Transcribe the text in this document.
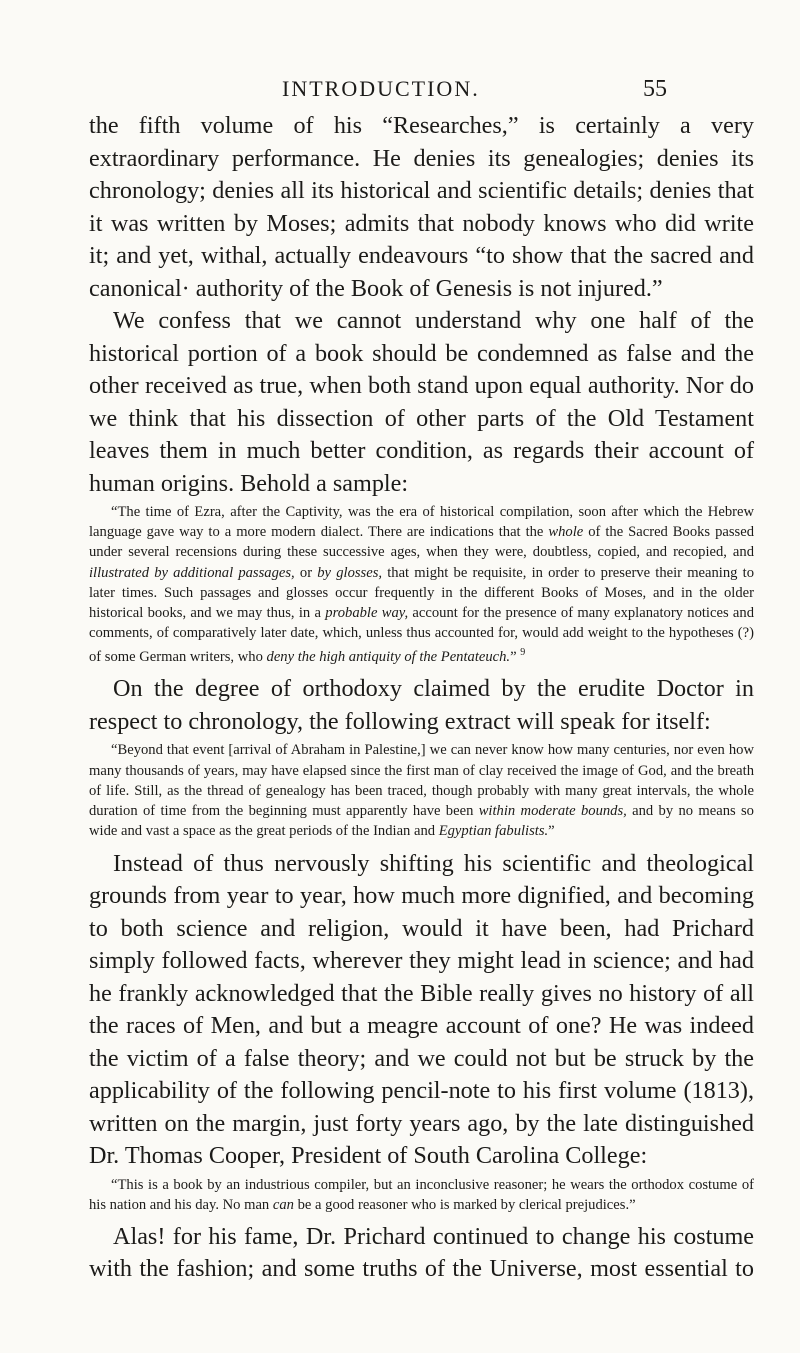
INTRODUCTION.	55

the fifth volume of his “Researches,” is certainly a very extraordinary performance. He denies its genealogies; denies its chronology; denies all its historical and scientific details; denies that it was written by Moses; admits that nobody knows who did write it; and yet, withal, actually endeavours “to show that the sacred and canonical· authority of the Book of Genesis is not injured.”

We confess that we cannot understand why one half of the historical portion of a book should be condemned as false and the other received as true, when both stand upon equal authority. Nor do we think that his dissection of other parts of the Old Testament leaves them in much better condition, as regards their account of human origins. Behold a sample:

“The time of Ezra, after the Captivity, was the era of historical compilation, soon after which the Hebrew language gave way to a more modern dialect. There are indications that the whole of the Sacred Books passed under several recensions during these successive ages, when they were, doubtless, copied, and recopied, and illustrated by additional passages, or by glosses, that might be requisite, in order to preserve their meaning to later times. Such passages and glosses occur frequently in the different Books of Moses, and in the older historical books, and we may thus, in a probable way, account for the presence of many explanatory notices and comments, of comparatively later date, which, unless thus accounted for, would add weight to the hypotheses (?) of some German writers, who deny the high antiquity of the Pentateuch.” $^9$

On the degree of orthodoxy claimed by the erudite Doctor in respect to chronology, the following extract will speak for itself:

“Beyond that event [arrival of Abraham in Palestine,] we can never know how many centuries, nor even how many thousands of years, may have elapsed since the first man of clay received the image of God, and the breath of life. Still, as the thread of genealogy has been traced, though probably with many great intervals, the whole duration of time from the beginning must apparently have been within moderate bounds, and by no means so wide and vast a space as the great periods of the Indian and Egyptian fabulists.”

Instead of thus nervously shifting his scientific and theological grounds from year to year, how much more dignified, and becoming to both science and religion, would it have been, had Prichard simply followed facts, wherever they might lead in science; and had he frankly acknowledged that the Bible really gives no history of all the races of Men, and but a meagre account of one? He was indeed the victim of a false theory; and we could not but be struck by the applicability of the following pencil-note to his first volume (1813), written on the margin, just forty years ago, by the late distinguished Dr. Thomas Cooper, President of South Carolina College:

“This is a book by an industrious compiler, but an inconclusive reasoner; he wears the orthodox costume of his nation and his day. No man can be a good reasoner who is marked by clerical prejudices.”

Alas! for his fame, Dr. Prichard continued to change his costume with the fashion; and some truths of the Universe, most essential to
